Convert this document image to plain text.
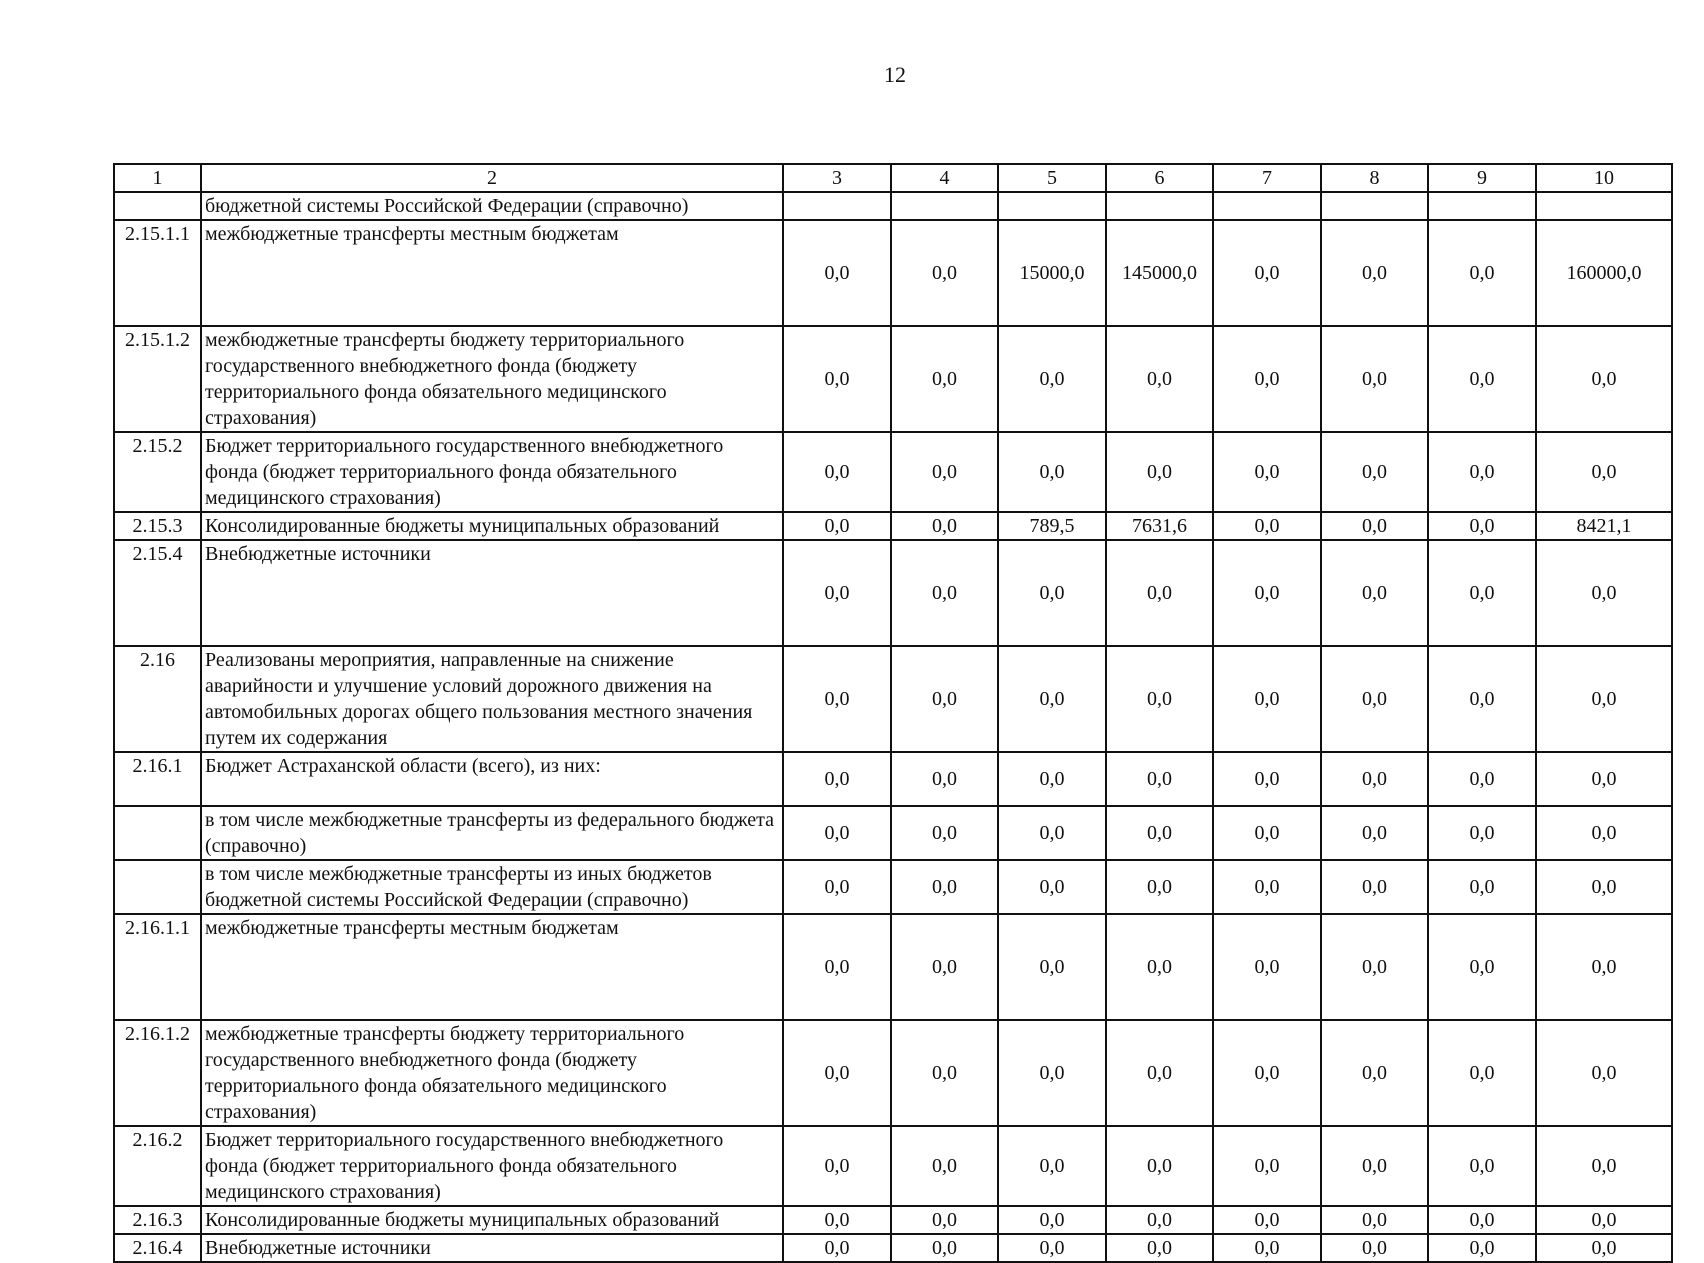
12
1	2	3	4	5	6	7	8	9	10
	бюджетной системы Российской Федерации (справочно)								
2.15.1.1	межбюджетные трансферты местным бюджетам	0,0	0,0	15000,0	145000,0	0,0	0,0	0,0	160000,0
2.15.1.2	межбюджетные трансферты бюджету территориального государственного внебюджетного фонда (бюджету территориального фонда обязательного медицинского страхования)	0,0	0,0	0,0	0,0	0,0	0,0	0,0	0,0
2.15.2	Бюджет территориального государственного внебюджетного фонда (бюджет территориального фонда обязательного медицинского страхования)	0,0	0,0	0,0	0,0	0,0	0,0	0,0	0,0
2.15.3	Консолидированные бюджеты муниципальных образований	0,0	0,0	789,5	7631,6	0,0	0,0	0,0	8421,1
2.15.4	Внебюджетные источники	0,0	0,0	0,0	0,0	0,0	0,0	0,0	0,0
2.16	Реализованы мероприятия, направленные на снижение аварийности и улучшение условий дорожного движения на автомобильных дорогах общего пользования местного значения путем их содержания	0,0	0,0	0,0	0,0	0,0	0,0	0,0	0,0
2.16.1	Бюджет Астраханской области (всего), из них:	0,0	0,0	0,0	0,0	0,0	0,0	0,0	0,0
	в том числе межбюджетные трансферты из федерального бюджета (справочно)	0,0	0,0	0,0	0,0	0,0	0,0	0,0	0,0
	в том числе межбюджетные трансферты из иных бюджетов бюджетной системы Российской Федерации (справочно)	0,0	0,0	0,0	0,0	0,0	0,0	0,0	0,0
2.16.1.1	межбюджетные трансферты местным бюджетам	0,0	0,0	0,0	0,0	0,0	0,0	0,0	0,0
2.16.1.2	межбюджетные трансферты бюджету территориального государственного внебюджетного фонда (бюджету территориального фонда обязательного медицинского страхования)	0,0	0,0	0,0	0,0	0,0	0,0	0,0	0,0
2.16.2	Бюджет территориального государственного внебюджетного фонда (бюджет территориального фонда обязательного медицинского страхования)	0,0	0,0	0,0	0,0	0,0	0,0	0,0	0,0
2.16.3	Консолидированные бюджеты муниципальных образований	0,0	0,0	0,0	0,0	0,0	0,0	0,0	0,0
2.16.4	Внебюджетные источники	0,0	0,0	0,0	0,0	0,0	0,0	0,0	0,0
